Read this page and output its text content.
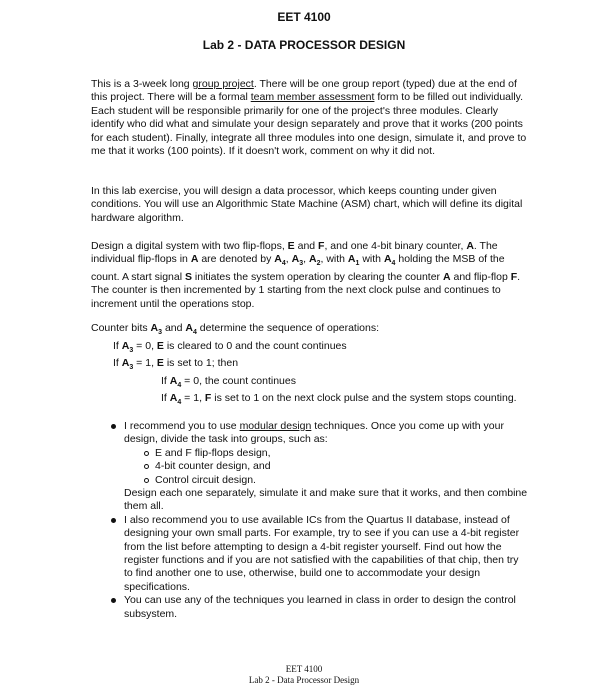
EET 4100
Lab 2 - DATA PROCESSOR DESIGN

This is a 3-week long group project. There will be one group report (typed) due at the end of this project. There will be a formal team member assessment form to be filled out individually. Each student will be responsible primarily for one of the project's three modules. Clearly identify who did what and simulate your design separately and prove that it works (200 points for each student). Finally, integrate all three modules into one design, simulate it, and prove to me that it works (100 points). If it doesn't work, comment on why it did not.

In this lab exercise, you will design a data processor, which keeps counting under given conditions. You will use an Algorithmic State Machine (ASM) chart, which will define its digital hardware algorithm.

Design a digital system with two flip-flops, E and F, and one 4-bit binary counter, A. The individual flip-flops in A are denoted by $A_4$, $A_3$, $A_2$, with $A_1$ with $A_4$ holding the MSB of the count. A start signal S initiates the system operation by clearing the counter A and flip-flop F. The counter is then incremented by 1 starting from the next clock pulse and continues to increment until the operations stop.

Counter bits $A_3$ and $A_4$ determine the sequence of operations:

If $A_3 = 0$, E is cleared to 0 and the count continues

If $A_3 = 1$, E is set to 1; then

If $A_4 = 0$, the count continues

If $A_4 = 1$, F is set to 1 on the next clock pulse and the system stops counting.

I recommend you to use modular design techniques. Once you come up with your design, divide the task into groups, such as:
E and F flip-flops design,
4-bit counter design, and
Control circuit design.
Design each one separately, simulate it and make sure that it works, and then combine them all.
I also recommend you to use available ICs from the Quartus II database, instead of designing your own small parts. For example, try to see if you can use a 4-bit register from the list before attempting to design a 4-bit register yourself. Find out how the register functions and if you are not satisfied with the capabilities of that chip, then try to find another one to use, otherwise, build one to accommodate your design specifications.
You can use any of the techniques you learned in class in order to design the control subsystem.
EET 4100
Lab 2 - Data Processor Design
